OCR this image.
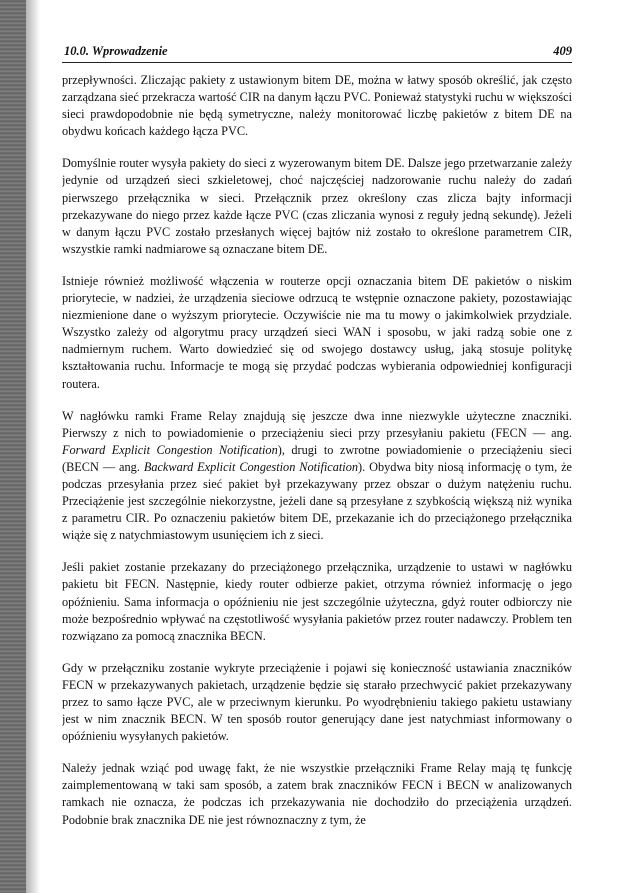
10.0. Wprowadzenie	409

przepływności. Zliczając pakiety z ustawionym bitem DE, można w łatwy sposób określić, jak często zarządzana sieć przekracza wartość CIR na danym łączu PVC. Ponieważ statystyki ruchu w większości sieci prawdopodobnie nie będą symetryczne, należy monitorować liczbę pakietów z bitem DE na obydwu końcach każdego łącza PVC.

Domyślnie router wysyła pakiety do sieci z wyzerowanym bitem DE. Dalsze jego przetwarzanie zależy jedynie od urządzeń sieci szkieletowej, choć najczęściej nadzorowanie ruchu należy do zadań pierwszego przełącznika w sieci. Przełącznik przez określony czas zlicza bajty informacji przekazywane do niego przez każde łącze PVC (czas zliczania wynosi z reguły jedną sekundę). Jeżeli w danym łączu PVC zostało przesłanych więcej bajtów niż zostało to określone parametrem CIR, wszystkie ramki nadmiarowe są oznaczane bitem DE.

Istnieje również możliwość włączenia w routerze opcji oznaczania bitem DE pakietów o niskim priorytecie, w nadziei, że urządzenia sieciowe odrzucą te wstępnie oznaczone pakiety, pozostawiając niezmienione dane o wyższym priorytecie. Oczywiście nie ma tu mowy o jakimkolwiek przydziale. Wszystko zależy od algorytmu pracy urządzeń sieci WAN i sposobu, w jaki radzą sobie one z nadmiernym ruchem. Warto dowiedzieć się od swojego dostawcy usług, jaką stosuje politykę kształtowania ruchu. Informacje te mogą się przydać podczas wybierania odpowiedniej konfiguracji routera.

W nagłówku ramki Frame Relay znajdują się jeszcze dwa inne niezwykle użyteczne znaczniki. Pierwszy z nich to powiadomienie o przeciążeniu sieci przy przesyłaniu pakietu (FECN — ang. Forward Explicit Congestion Notification), drugi to zwrotne powiadomienie o przeciążeniu sieci (BECN — ang. Backward Explicit Congestion Notification). Obydwa bity niosą informację o tym, że podczas przesyłania przez sieć pakiet był przekazywany przez obszar o dużym natężeniu ruchu. Przeciążenie jest szczególnie niekorzystne, jeżeli dane są przesyłane z szybkością większą niż wynika z parametru CIR. Po oznaczeniu pakietów bitem DE, przekazanie ich do przeciążonego przełącznika wiąże się z natychmiastowym usunięciem ich z sieci.

Jeśli pakiet zostanie przekazany do przeciążonego przełącznika, urządzenie to ustawi w nagłówku pakietu bit FECN. Następnie, kiedy router odbierze pakiet, otrzyma również informację o jego opóźnieniu. Sama informacja o opóźnieniu nie jest szczególnie użyteczna, gdyż router odbiorczy nie może bezpośrednio wpływać na częstotliwość wysyłania pakietów przez router nadawczy. Problem ten rozwiązano za pomocą znacznika BECN.

Gdy w przełączniku zostanie wykryte przeciążenie i pojawi się konieczność ustawiania znaczników FECN w przekazywanych pakietach, urządzenie będzie się starało przechwycić pakiet przekazywany przez to samo łącze PVC, ale w przeciwnym kierunku. Po wyodrębnieniu takiego pakietu ustawiany jest w nim znacznik BECN. W ten sposób routor generujący dane jest natychmiast informowany o opóźnieniu wysyłanych pakietów.

Należy jednak wziąć pod uwagę fakt, że nie wszystkie przełączniki Frame Relay mają tę funkcję zaimplementowaną w taki sam sposób, a zatem brak znaczników FECN i BECN w analizowanych ramkach nie oznacza, że podczas ich przekazywania nie dochodziło do przeciążenia urządzeń. Podobnie brak znacznika DE nie jest równoznaczny z tym, że
